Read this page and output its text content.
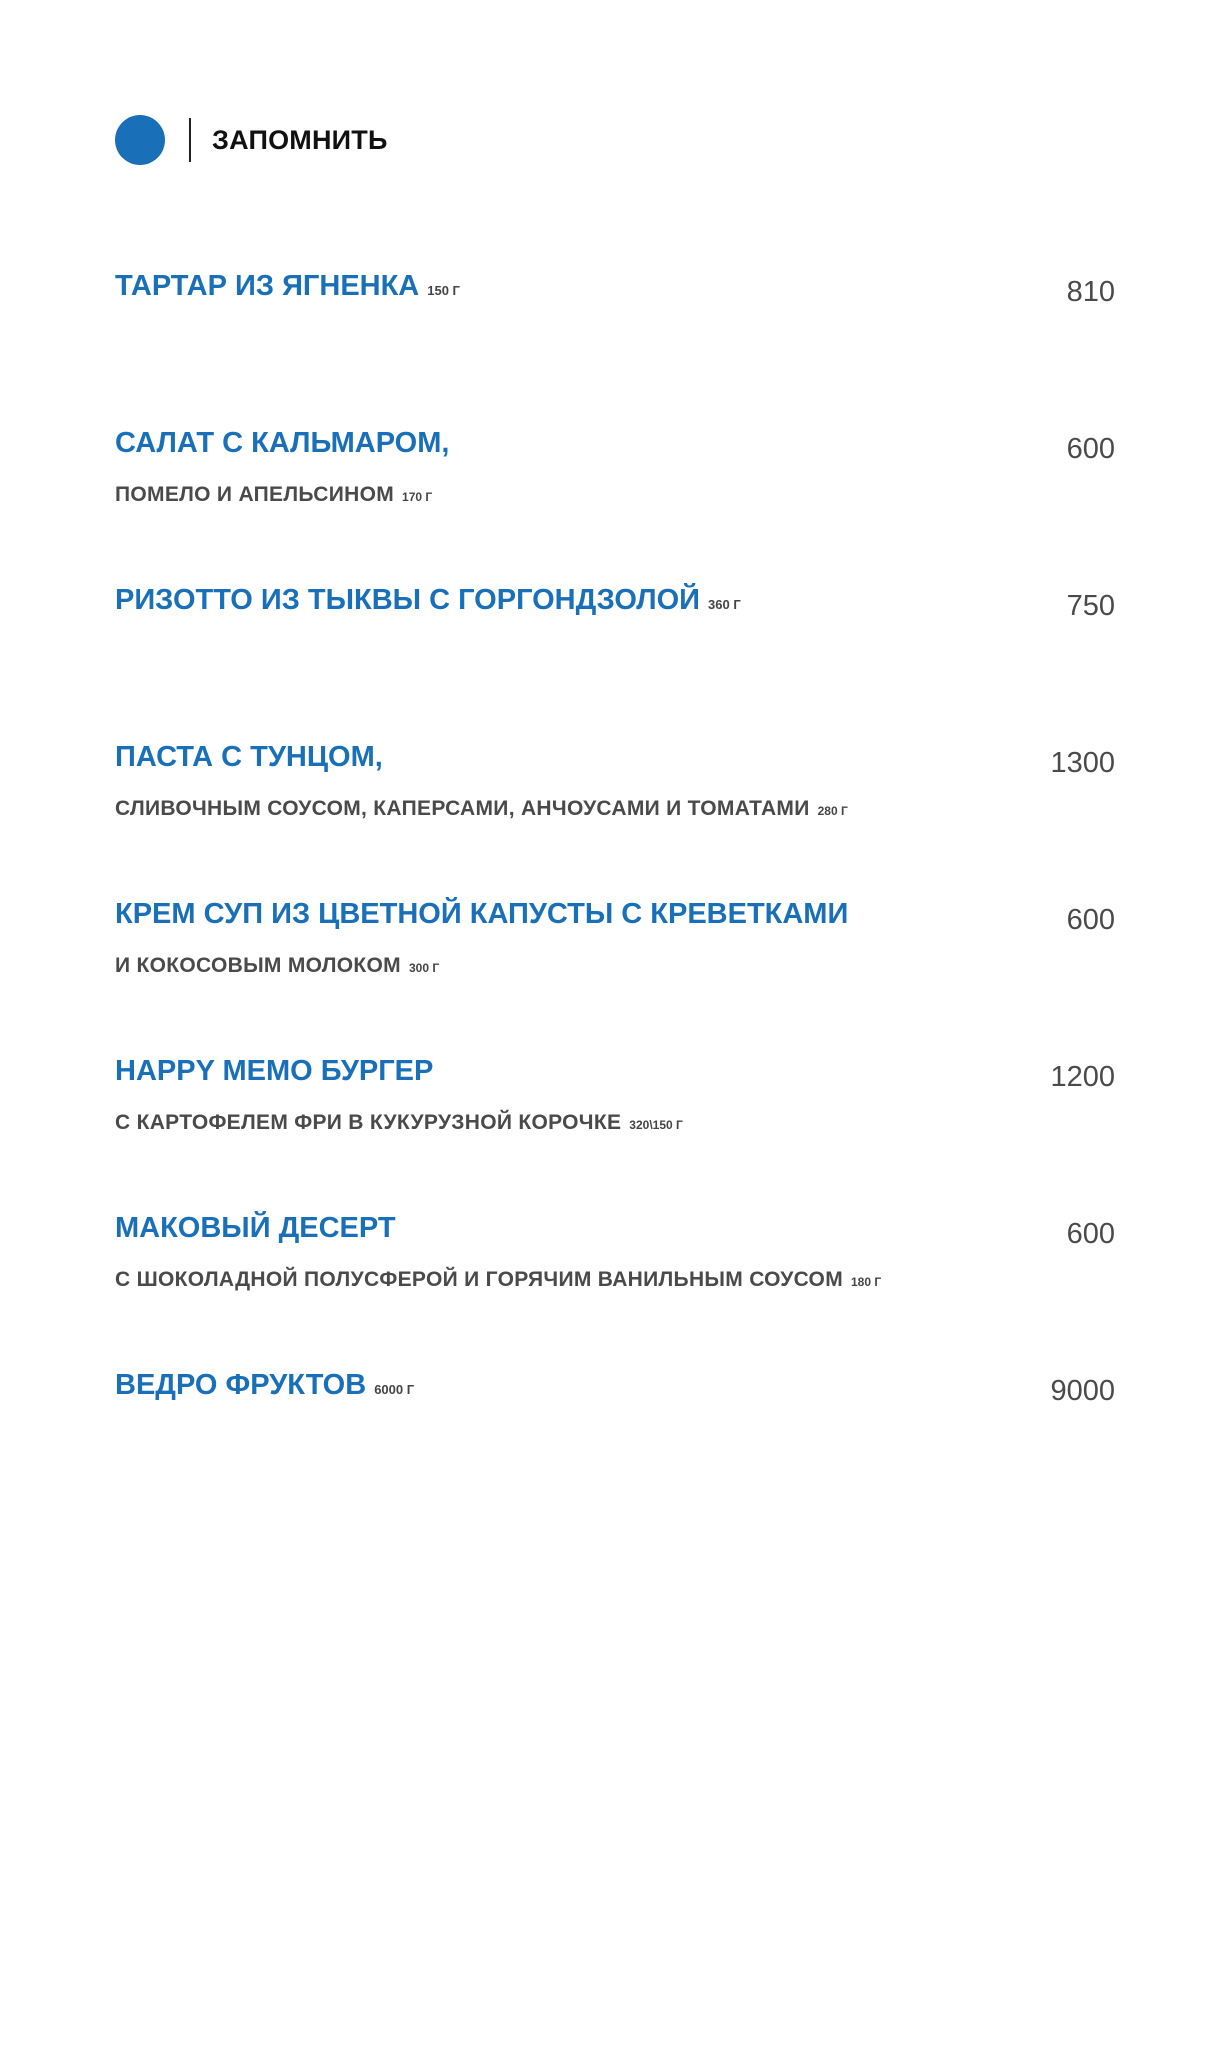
ЗАПОМНИТЬ
ТАРТАР ИЗ ЯГНЕНКА 150 Г	810
САЛАТ С КАЛЬМАРОМ,	600
ПОМЕЛО И АПЕЛЬСИНОМ 170 Г
РИЗОТТО ИЗ ТЫКВЫ С ГОРГОНДЗОЛОЙ 360 Г	750
ПАСТА С ТУНЦОМ,	1300
СЛИВОЧНЫМ СОУСОМ, КАПЕРСАМИ, АНЧОУСАМИ И ТОМАТАМИ 280 Г
КРЕМ СУП ИЗ ЦВЕТНОЙ КАПУСТЫ С КРЕВЕТКАМИ	600
И КОКОСОВЫМ МОЛОКОМ 300 Г
HAPPY МЕМО БУРГЕР	1200
С КАРТОФЕЛЕМ ФРИ В КУКУРУЗНОЙ КОРОЧКЕ 320\150 Г
МАКОВЫЙ ДЕСЕРТ	600
С ШОКОЛАДНОЙ ПОЛУСФЕРОЙ И ГОРЯЧИМ ВАНИЛЬНЫМ СОУСОМ 180 Г
ВЕДРО ФРУКТОВ 6000 Г	9000
